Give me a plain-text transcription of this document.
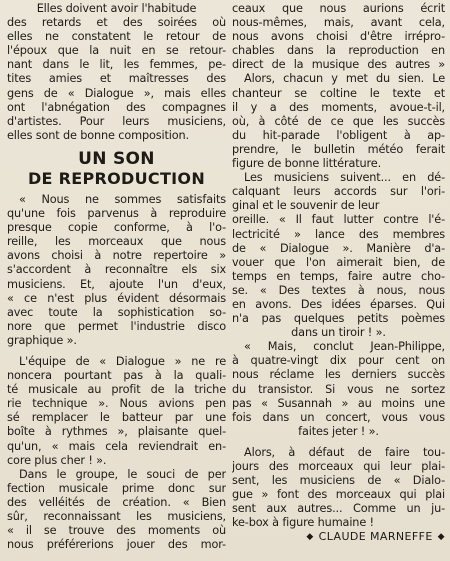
Elles doivent avoir l'habitude
des retards et des soirées où
elles ne constatent le retour de
l'époux que la nuit en se retour-
nant dans le lit, les femmes, pe-
tites amies et maîtresses des
gens de « Dialogue », mais elles
ont l'abnégation des compagnes
d'artistes. Pour leurs musiciens,
elles sont de bonne composition.
UN SON
DE REPRODUCTION
« Nous ne sommes satisfaits
qu'une fois parvenus à reproduire
presque copie conforme, à l'o-
reille, les morceaux que nous
avons choisi à notre repertoire »
s'accordent à reconnaître els six
musiciens. Et, ajoute l'un d'eux,
« ce n'est plus évident désormais
avec toute la sophistication so-
nore que permet l'industrie disco
graphique ».
L'équipe de « Dialogue » ne re
noncera pourtant pas à la quali-
té musicale au profit de la triche
rie technique ». Nous avions pen
sé remplacer le batteur par une
boîte à rythmes », plaisante quel-
qu'un, « mais cela reviendrait en-
core plus cher ! ».
Dans le groupe, le souci de per
fection musicale prime donc sur
des velléités de création. « Bien
sûr, reconnaissant les musiciens,
« il se trouve des moments où
nous préférerions jouer des mor-
ceaux que nous aurions écrit
nous-mêmes, mais, avant cela,
nous avons choisi d'être irrépro-
chables dans la reproduction en
direct de la musique des autres »
Alors, chacun y met du sien. Le
chanteur se coltine le texte et
il y a des moments, avoue-t-il,
où, à côté de ce que les succès
du hit-parade l'obligent à ap-
prendre, le bulletin météo ferait
figure de bonne littérature.
Les musiciens suivent... en dé-
calquant leurs accords sur l'ori-
ginal et le souvenir de leur
oreille. « Il faut lutter contre l'é-
lectricité » lance des membres
de « Dialogue ». Manière d'a-
vouer que l'on aimerait bien, de
temps en temps, faire autre cho-
se. « Des textes à nous, nous
en avons. Des idées éparses. Qui
n'a pas quelques petits poèmes
dans un tiroir ! ».
« Mais, conclut Jean-Philippe,
à quatre-vingt dix pour cent on
nous réclame les derniers succès
du transistor. Si vous ne sortez
pas « Susannah » au moins une
fois dans un concert, vous vous
faites jeter ! ».
Alors, à défaut de faire tou-
jours des morceaux qui leur plai-
sent, les musiciens de « Dialo-
gue » font des morceaux qui plai
sent aux autres... Comme un ju-
ke-box à figure humaine !
◆ CLAUDE MARNEFFE ◆
